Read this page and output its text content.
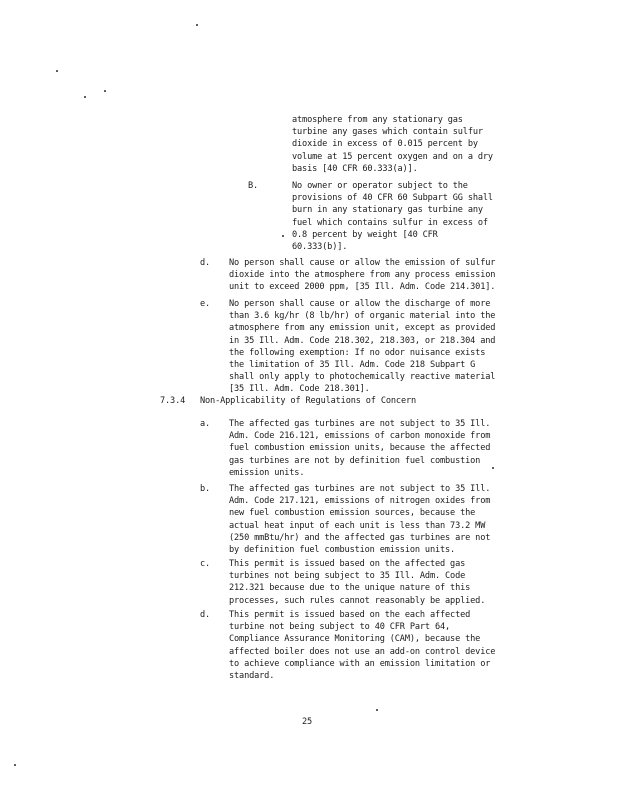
atmosphere from any stationary gas
turbine any gases which contain sulfur
dioxide in excess of 0.015 percent by
volume at 15 percent oxygen and on a dry
basis [40 CFR 60.333(a)].
B.	No owner or operator subject to the
provisions of 40 CFR 60 Subpart GG shall
burn in any stationary gas turbine any
fuel which contains sulfur in excess of
0.8 percent by weight [40 CFR
60.333(b)].
d. No person shall cause or allow the emission of sulfur
dioxide into the atmosphere from any process emission
unit to exceed 2000 ppm, [35 Ill. Adm. Code 214.301].
e. No person shall cause or allow the discharge of more
than 3.6 kg/hr (8 lb/hr) of organic material into the
atmosphere from any emission unit, except as provided
in 35 Ill. Adm. Code 218.302, 218.303, or 218.304 and
the following exemption: If no odor nuisance exists
the limitation of 35 Ill. Adm. Code 218 Subpart G
shall only apply to photochemically reactive material
[35 Ill. Adm. Code 218.301].
7.3.4 Non-Applicability of Regulations of Concern
a. The affected gas turbines are not subject to 35 Ill.
Adm. Code 216.121, emissions of carbon monoxide from
fuel combustion emission units, because the affected
gas turbines are not by definition fuel combustion
emission units.
b. The affected gas turbines are not subject to 35 Ill.
Adm. Code 217.121, emissions of nitrogen oxides from
new fuel combustion emission sources, because the
actual heat input of each unit is less than 73.2 MW
(250 mmBtu/hr) and the affected gas turbines are not
by definition fuel combustion emission units.
c. This permit is issued based on the affected gas
turbines not being subject to 35 Ill. Adm. Code
212.321 because due to the unique nature of this
processes, such rules cannot reasonably be applied.
d. This permit is issued based on the each affected
turbine not being subject to 40 CFR Part 64,
Compliance Assurance Monitoring (CAM), because the
affected boiler does not use an add-on control device
to achieve compliance with an emission limitation or
standard.
25
